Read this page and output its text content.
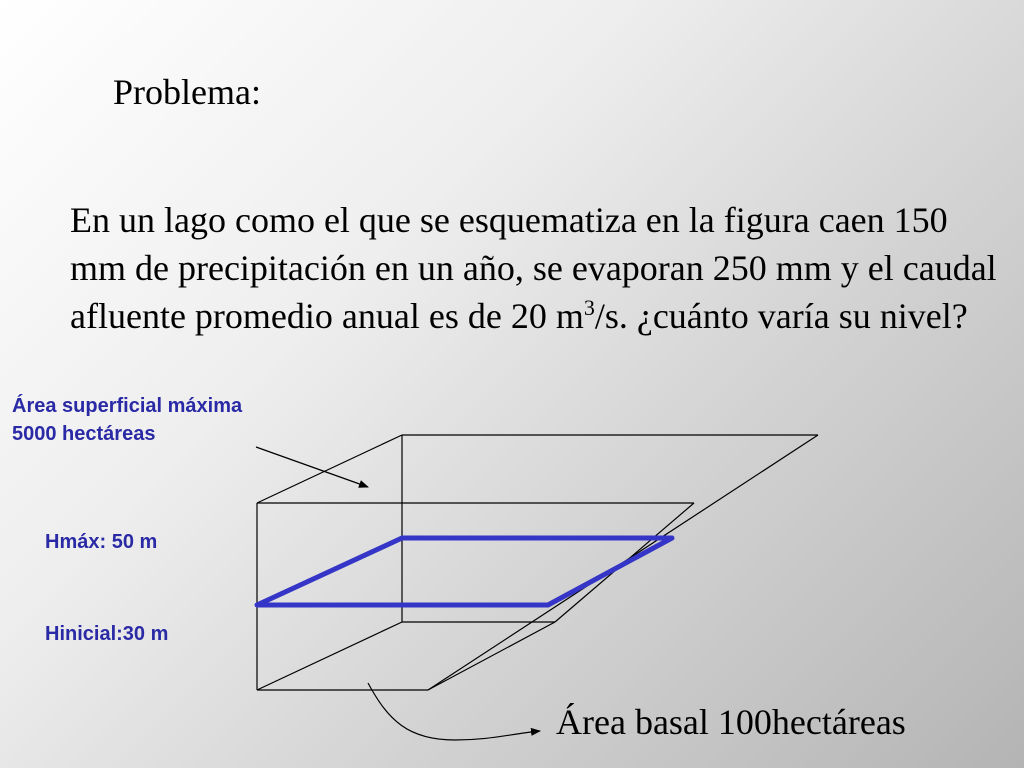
Problema:
En un lago como el que se esquematiza en la figura caen 150 mm de precipitación en un año, se evaporan 250 mm y el caudal afluente promedio anual es de 20 $m^3/s$. ¿cuánto varía su nivel?
Área superficial máxima
5000 hectáreas
Hmáx: 50 m
Hinicial:30 m
Área basal 100hectáreas
